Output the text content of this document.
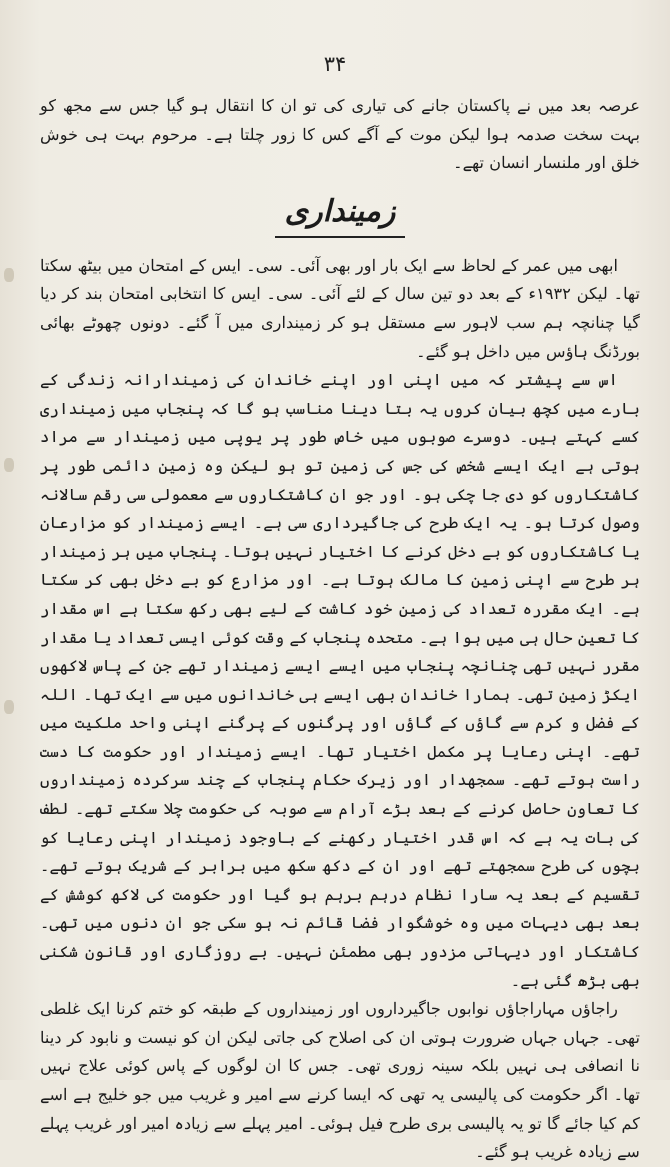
۳۴

عرصہ بعد میں نے پاکستان جانے کی تیاری کی تو ان کا انتقال ہو گیا جس سے مجھ کو بہت سخت صدمہ ہوا لیکن موت کے آگے کس کا زور چلتا ہے۔ مرحوم بہت ہی خوش خلق اور ملنسار انسان تھے۔

زمینداری

ابھی میں عمر کے لحاظ سے ایک بار اور بھی آئی۔ سی۔ ایس کے امتحان میں بیٹھ سکتا تھا۔ لیکن ۱۹۳۲ء کے بعد دو تین سال کے لئے آئی۔ سی۔ ایس کا انتخابی امتحان بند کر دیا گیا چنانچہ ہم سب لاہور سے مستقل ہو کر زمینداری میں آ گئے۔ دونوں چھوٹے بھائی بورڈنگ ہاؤس میں داخل ہو گئے۔

اس سے پیشتر کہ میں اپنی اور اپنے خاندان کی زمیندارانہ زندگی کے بارے میں کچھ بیان کروں یہ بتا دینا مناسب ہو گا کہ پنجاب میں زمینداری کسے کہتے ہیں۔ دوسرے صوبوں میں خاص طور پر یوپی میں زمیندار سے مراد ہوتی ہے ایک ایسے شخص کی جس کی زمین تو ہو لیکن وہ زمین دائمی طور پر کاشتکاروں کو دی جا چکی ہو۔ اور جو ان کاشتکاروں سے معمولی سی رقم سالانہ وصول کرتا ہو۔ یہ ایک طرح کی جاگیرداری سی ہے۔ ایسے زمیندار کو مزارعان یا کاشتکاروں کو بے دخل کرنے کا اختیار نہیں ہوتا۔ پنجاب میں ہر زمیندار ہر طرح سے اپنی زمین کا مالک ہوتا ہے۔ اور مزارع کو بے دخل بھی کر سکتا ہے۔ ایک مقررہ تعداد کی زمین خود کاشت کے لیے بھی رکھ سکتا ہے اس مقدار کا تعین حال ہی میں ہوا ہے۔ متحدہ پنجاب کے وقت کوئی ایسی تعداد یا مقدار مقرر نہیں تھی چنانچہ پنجاب میں ایسے ایسے زمیندار تھے جن کے پاس لاکھوں ایکڑ زمین تھی۔ ہمارا خاندان بھی ایسے ہی خاندانوں میں سے ایک تھا۔ اللہ کے فضل و کرم سے گاؤں کے گاؤں اور پرگنوں کے پرگنے اپنی واحد ملکیت میں تھے۔ اپنی رعایا پر مکمل اختیار تھا۔ ایسے زمیندار اور حکومت کا دست راست ہوتے تھے۔ سمجھدار اور زیرک حکام پنجاب کے چند سرکردہ زمینداروں کا تعاون حاصل کرنے کے بعد بڑے آرام سے صوبہ کی حکومت چلا سکتے تھے۔ لطف کی بات یہ ہے کہ اس قدر اختیار رکھنے کے باوجود زمیندار اپنی رعایا کو بچوں کی طرح سمجھتے تھے اور ان کے دکھ سکھ میں برابر کے شریک ہوتے تھے۔ تقسیم کے بعد یہ سارا نظام درہم برہم ہو گیا اور حکومت کی لاکھ کوشش کے بعد بھی دیہات میں وہ خوشگوار فضا قائم نہ ہو سکی جو ان دنوں میں تھی۔ کاشتکار اور دیہاتی مزدور بھی مطمئن نہیں۔ بے روزگاری اور قانون شکنی بھی بڑھ گئی ہے۔

راجاؤں مہاراجاؤں نوابوں جاگیرداروں اور زمینداروں کے طبقہ کو ختم کرنا ایک غلطی تھی۔ جہاں جہاں ضرورت ہوتی ان کی اصلاح کی جاتی لیکن ان کو نیست و نابود کر دینا نا انصافی ہی نہیں بلکہ سینہ زوری تھی۔ جس کا ان لوگوں کے پاس کوئی علاج نہیں تھا۔ اگر حکومت کی پالیسی یہ تھی کہ ایسا کرنے سے امیر و غریب میں جو خلیج ہے اسے کم کیا جائے گا تو یہ پالیسی بری طرح فیل ہوئی۔ امیر پہلے سے زیادہ امیر اور غریب پہلے سے زیادہ غریب ہو گئے۔
